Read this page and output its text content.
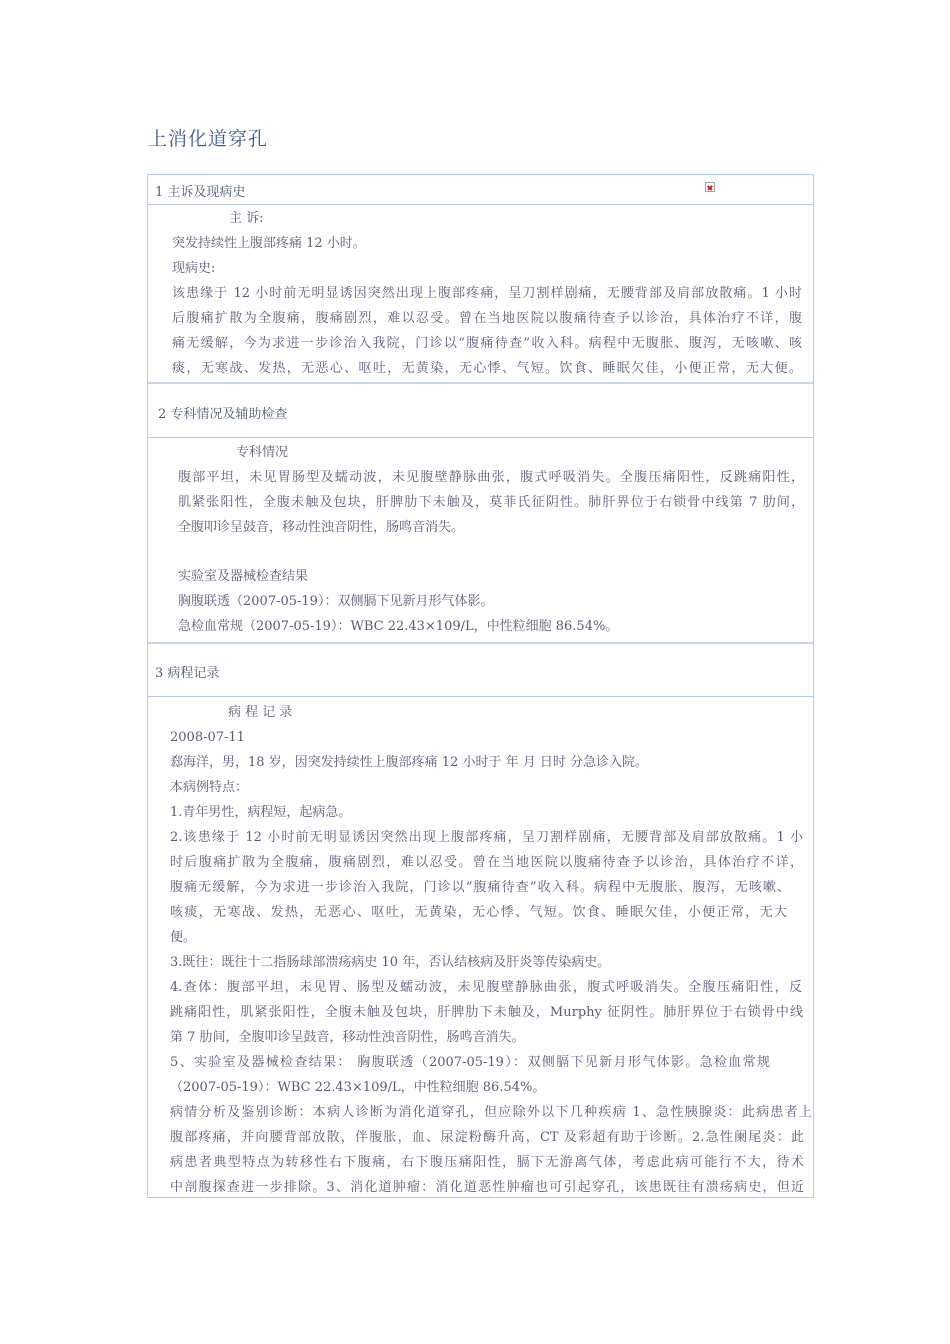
上消化道穿孔
1 主诉及现病史
主 诉:
突发持续性上腹部疼痛 12 小时。
现病史:
该患缘于 12 小时前无明显诱因突然出现上腹部疼痛，呈刀割样剧痛，无腰背部及肩部放散痛。1 小时
后腹痛扩散为全腹痛，腹痛剧烈，难以忍受。曾在当地医院以腹痛待查予以诊治，具体治疗不详，腹
痛无缓解，今为求进一步诊治入我院，门诊以“腹痛待查”收入科。病程中无腹胀、腹泻，无咳嗽、咳
痰，无寒战、发热，无恶心、呕吐，无黄染，无心悸、气短。饮食、睡眠欠佳，小便正常，无大便。
2 专科情况及辅助检查
专科情况
腹部平坦，未见胃肠型及蠕动波，未见腹壁静脉曲张，腹式呼吸消失。全腹压痛阳性，反跳痛阳性，
肌紧张阳性，全腹未触及包块，肝脾肋下未触及，莫菲氏征阴性。肺肝界位于右锁骨中线第 7 肋间，
全腹叩诊呈鼓音，移动性浊音阴性，肠鸣音消失。
实验室及器械检查结果
胸腹联透（2007-05-19）：双侧膈下见新月形气体影。
急检血常规（2007-05-19）：WBC 22.43×109/L，中性粒细胞 86.54%。
3 病程记录
病 程 记 录
2008-07-11
郄海洋，男，18 岁，因突发持续性上腹部疼痛 12 小时于 年 月 日时 分急诊入院。
本病例特点：
1.青年男性，病程短，起病急。
2.该患缘于 12 小时前无明显诱因突然出现上腹部疼痛，呈刀割样剧痛，无腰背部及肩部放散痛。1 小
时后腹痛扩散为全腹痛，腹痛剧烈，难以忍受。曾在当地医院以腹痛待查予以诊治，具体治疗不详，
腹痛无缓解，今为求进一步诊治入我院，门诊以“腹痛待查”收入科。病程中无腹胀、腹泻，无咳嗽、
咳痰，无寒战、发热，无恶心、呕吐，无黄染，无心悸、气短。饮食、睡眠欠佳，小便正常，无大
便。
3.既往：既往十二指肠球部溃疡病史 10 年，否认结核病及肝炎等传染病史。
4.查体：腹部平坦，未见胃、肠型及蠕动波，未见腹壁静脉曲张，腹式呼吸消失。全腹压痛阳性，反
跳痛阳性，肌紧张阳性，全腹未触及包块，肝脾肋下未触及，Murphy 征阴性。肺肝界位于右锁骨中线
第 7 肋间，全腹叩诊呈鼓音，移动性浊音阴性，肠鸣音消失。
5、实验室及器械检查结果： 胸腹联透（2007-05-19）：双侧膈下见新月形气体影。急检血常规
（2007-05-19）：WBC 22.43×109/L，中性粒细胞 86.54%。
病情分析及鉴别诊断：本病人诊断为消化道穿孔，但应除外以下几种疾病 1、急性胰腺炎：此病患者上
腹部疼痛，并向腰背部放散，伴腹胀，血、尿淀粉酶升高，CT 及彩超有助于诊断。2.急性阑尾炎：此
病患者典型特点为转移性右下腹痛，右下腹压痛阳性，膈下无游离气体，考虑此病可能行不大，待术
中剖腹探查进一步排除。3、消化道肿瘤：消化道恶性肿瘤也可引起穿孔，该患既往有溃疡病史，但近
